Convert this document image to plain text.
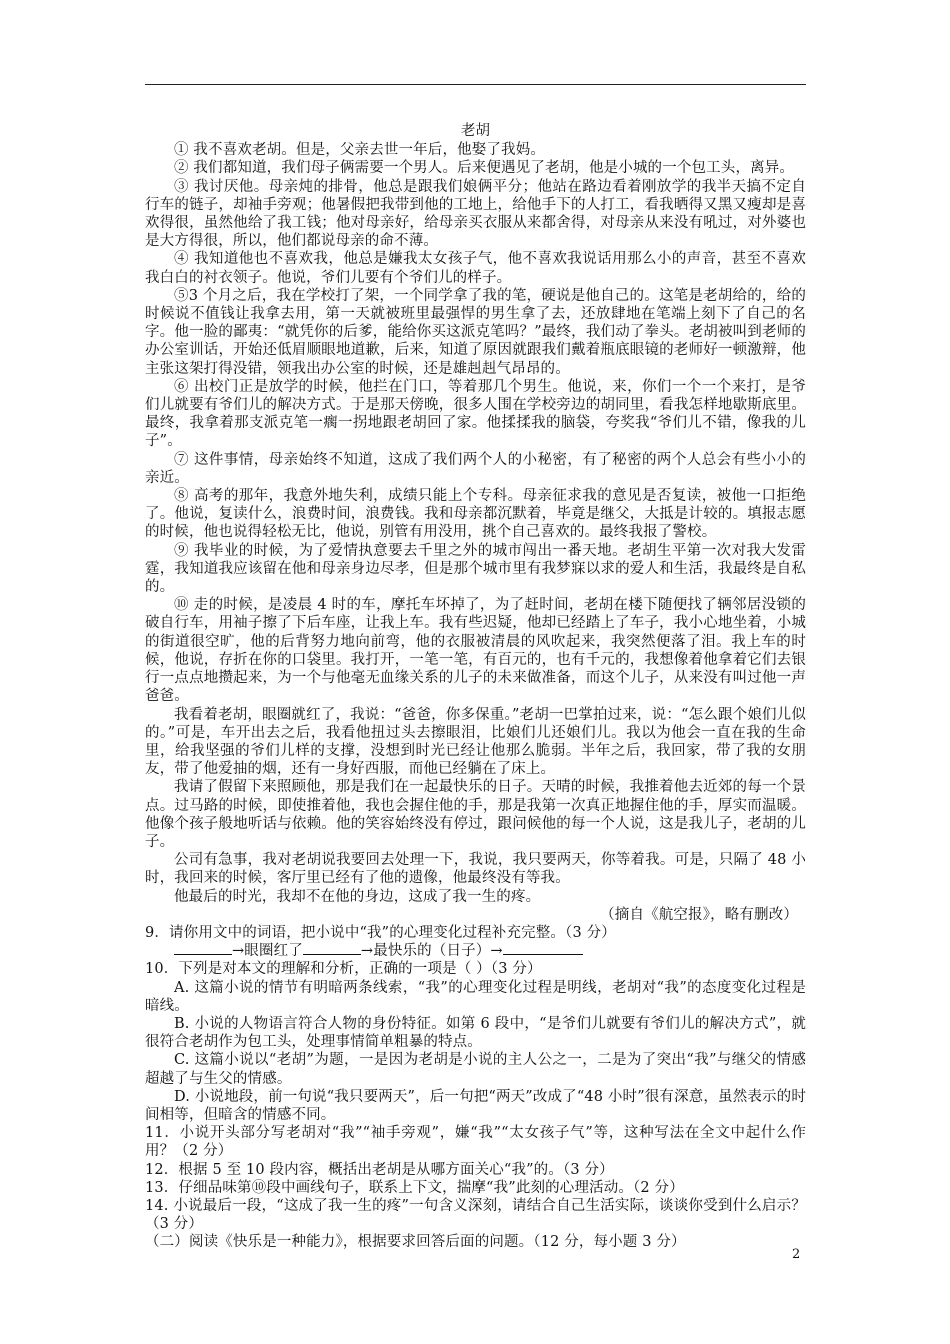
老胡

① 我不喜欢老胡。但是，父亲去世一年后，他娶了我妈。

② 我们都知道，我们母子俩需要一个男人。后来便遇见了老胡，他是小城的一个包工头，离异。

③ 我讨厌他。母亲炖的排骨，他总是跟我们娘俩平分；他站在路边看着刚放学的我半天搞不定自行车的链子，却袖手旁观；他暑假把我带到他的工地上，给他手下的人打工，看我晒得又黑又瘦却是喜欢得很，虽然他给了我工钱；他对母亲好，给母亲买衣服从来都舍得，对母亲从来没有吼过，对外婆也是大方得很，所以，他们都说母亲的命不薄。

④ 我知道他也不喜欢我，他总是嫌我太女孩子气，他不喜欢我说话用那么小的声音，甚至不喜欢我白白的衬衣领子。他说，爷们儿要有个爷们儿的样子。

⑤3 个月之后，我在学校打了架，一个同学拿了我的笔，硬说是他自己的。这笔是老胡给的，给的时候说不值钱让我拿去用，第一天就被班里最强悍的男生拿了去，还放肆地在笔端上刻下了自己的名字。他一脸的鄙夷：“就凭你的后爹，能给你买这派克笔吗？”最终，我们动了拳头。老胡被叫到老师的办公室训话，开始还低眉顺眼地道歉，后来，知道了原因就跟我们戴着瓶底眼镜的老师好一顿激辩，他主张这架打得没错，领我出办公室的时候，还是雄赳赳气昂昂的。

⑥ 出校门正是放学的时候，他拦在门口，等着那几个男生。他说，来，你们一个一个来打，是爷们儿就要有爷们儿的解决方式。于是那天傍晚，很多人围在学校旁边的胡同里，看我怎样地歇斯底里。最终，我拿着那支派克笔一瘸一拐地跟老胡回了家。他揉揉我的脑袋，夸奖我“爷们儿不错，像我的儿子”。

⑦ 这件事情，母亲始终不知道，这成了我们两个人的小秘密，有了秘密的两个人总会有些小小的亲近。

⑧ 高考的那年，我意外地失利，成绩只能上个专科。母亲征求我的意见是否复读，被他一口拒绝了。他说，复读什么，浪费时间，浪费钱。我和母亲都沉默着，毕竟是继父，大抵是计较的。填报志愿的时候，他也说得轻松无比，他说，别管有用没用，挑个自己喜欢的。最终我报了警校。

⑨ 我毕业的时候，为了爱情执意要去千里之外的城市闯出一番天地。老胡生平第一次对我大发雷霆，我知道我应该留在他和母亲身边尽孝，但是那个城市里有我梦寐以求的爱人和生活，我最终是自私的。

⑩ 走的时候，是凌晨 4 时的车，摩托车坏掉了，为了赶时间，老胡在楼下随便找了辆邻居没锁的破自行车，用袖子擦了下后车座，让我上车。我有些迟疑，他却已经踏上了车子，我小心地坐着，小城的街道很空旷，他的后背努力地向前弯，他的衣服被清晨的风吹起来，我突然便落了泪。我上车的时候，他说，存折在你的口袋里。我打开，一笔一笔，有百元的，也有千元的，我想像着他拿着它们去银行一点点地攒起来，为一个与他毫无血缘关系的儿子的未来做准备，而这个儿子，从来没有叫过他一声爸爸。

我看着老胡，眼圈就红了，我说：“爸爸，你多保重。”老胡一巴掌拍过来，说：“怎么跟个娘们儿似的。”可是，车开出去之后，我看他扭过头去擦眼泪，比娘们儿还娘们儿。我以为他会一直在我的生命里，给我坚强的爷们儿样的支撑，没想到时光已经让他那么脆弱。半年之后，我回家，带了我的女朋友，带了他爱抽的烟，还有一身好西服，而他已经躺在了床上。

我请了假留下来照顾他，那是我们在一起最快乐的日子。天晴的时候，我推着他去近郊的每一个景点。过马路的时候，即使推着他，我也会握住他的手，那是我第一次真正地握住他的手，厚实而温暖。他像个孩子般地听话与依赖。他的笑容始终没有停过，跟问候他的每一个人说，这是我儿子，老胡的儿子。

公司有急事，我对老胡说我要回去处理一下，我说，我只要两天，你等着我。可是，只隔了 48 小时，我回来的时候，客厅里已经有了他的遗像，他最终没有等我。

他最后的时光，我却不在他的身边，这成了我一生的疼。

（摘自《航空报》，略有删改）

9．请你用文中的词语，把小说中“我”的心理变化过程补充完整。（3 分）

→眼圈红了	→最快乐的（日子）→

10．下列是对本文的理解和分析，正确的一项是（ ）（3 分）

A. 这篇小说的情节有明暗两条线索，“我”的心理变化过程是明线，老胡对“我”的态度变化过程是暗线。

B. 小说的人物语言符合人物的身份特征。如第 6 段中，“是爷们儿就要有爷们儿的解决方式”，就很符合老胡作为包工头，处理事情简单粗暴的特点。

C. 这篇小说以“老胡”为题，一是因为老胡是小说的主人公之一，二是为了突出“我”与继父的情感超越了与生父的情感。

D. 小说地段，前一句说“我只要两天”，后一句把“两天”改成了“48 小时”很有深意，虽然表示的时间相等，但暗含的情感不同。

11．小说开头部分写老胡对“我”“袖手旁观”，嫌“我”“太女孩子气”等，这种写法在全文中起什么作用？（2 分）

12．根据 5 至 10 段内容，概括出老胡是从哪方面关心“我”的。（3 分）

13．仔细品味第⑩段中画线句子，联系上下文，揣摩“我”此刻的心理活动。（2 分）

14. 小说最后一段，“这成了我一生的疼”一句含义深刻，请结合自己生活实际，谈谈你受到什么启示？（3 分）

（二）阅读《快乐是一种能力》，根据要求回答后面的问题。（12 分，每小题 3 分）

2
